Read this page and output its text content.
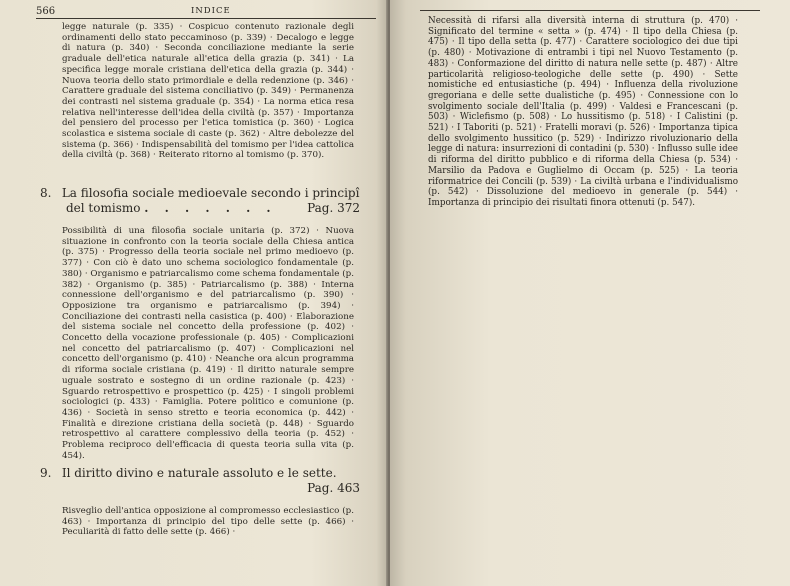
566	INDICE

legge naturale (p. 335) · Cospicuo contenuto razionale degli ordinamenti dello stato peccaminoso (p. 339) · Decalogo e legge di natura (p. 340) · Seconda conciliazione mediante la serie graduale dell'etica naturale all'etica della grazia (p. 341) · La specifica legge morale cristiana dell'etica della grazia (p. 344) · Nuova teoria dello stato primordiale e della redenzione (p. 346) · Carattere graduale del sistema conciliativo (p. 349) · Permanenza dei contrasti nel sistema graduale (p. 354) · La norma etica resa relativa nell'interesse dell'idea della civiltà (p. 357) · Importanza del pensiero del processo per l'etica tomistica (p. 360) · Logica scolastica e sistema sociale di caste (p. 362) · Altre debolezze del sistema (p. 366) · Indispensabilità del tomismo per l'idea cattolica della civiltà (p. 368) · Reiterato ritorno al tomismo (p. 370).

8. La filosofia sociale medioevale secondo i principî
del tomismo . . . . . . .	Pag. 372

Possibilità di una filosofia sociale unitaria (p. 372) · Nuova situazione in confronto con la teoria sociale della Chiesa antica (p. 375) · Progresso della teoria sociale nel primo medioevo (p. 377) · Con ciò è dato uno schema sociologico fondamentale (p. 380) · Organismo e patriarcalismo come schema fondamentale (p. 382) · Organismo (p. 385) · Patriarcalismo (p. 388) · Interna connessione dell'organismo e del patriarcalismo (p. 390) · Opposizione tra organismo e patriarcalismo (p. 394) · Conciliazione dei contrasti nella casistica (p. 400) · Elaborazione del sistema sociale nel concetto della professione (p. 402) · Concetto della vocazione professionale (p. 405) · Complicazioni nel concetto del patriarcalismo (p. 407) · Complicazioni nel concetto dell'organismo (p. 410) · Neanche ora alcun programma di riforma sociale cristiana (p. 419) · Il diritto naturale sempre uguale sostrato e sostegno di un ordine razionale (p. 423) · Sguardo retrospettivo e prospettico (p. 425) · I singoli problemi sociologici (p. 433) · Famiglia. Potere politico e comunione (p. 436) · Società in senso stretto e teoria economica (p. 442) · Finalità e direzione cristiana della società (p. 448) · Sguardo retrospettivo al carattere complessivo della teoria (p. 452) · Problema reciproco dell'efficacia di questa teoria sulla vita (p. 454).

9. Il diritto divino e naturale assoluto e le sette.
Pag. 463

Risveglio dell'antica opposizione al compromesso ecclesiastico (p. 463) · Importanza di principio del tipo delle sette (p. 466) · Peculiarità di fatto delle sette (p. 466) ·

Necessità di rifarsi alla diversità interna di struttura (p. 470) · Significato del termine « setta » (p. 474) · Il tipo della Chiesa (p. 475) · Il tipo della setta (p. 477) · Carattere sociologico dei due tipi (p. 480) · Motivazione di entrambi i tipi nel Nuovo Testamento (p. 483) · Conformazione del diritto di natura nelle sette (p. 487) · Altre particolarità religioso-teologiche delle sette (p. 490) · Sette nomistiche ed entusiastiche (p. 494) · Influenza della rivoluzione gregoriana e delle sette dualistiche (p. 495) · Connessione con lo svolgimento sociale dell'Italia (p. 499) · Valdesi e Francescani (p. 503) · Wiclefismo (p. 508) · Lo hussitismo (p. 518) · I Calistini (p. 521) · I Taboriti (p. 521) · Fratelli moravi (p. 526) · Importanza tipica dello svolgimento hussitico (p. 529) · Indirizzo rivoluzionario della legge di natura: insurrezioni di contadini (p. 530) · Influsso sulle idee di riforma del diritto pubblico e di riforma della Chiesa (p. 534) · Marsilio da Padova e Guglielmo di Occam (p. 525) · La teoria riformatrice dei Concili (p. 539) · La civiltà urbana e l'individualismo (p. 542) · Dissoluzione del medioevo in generale (p. 544) · Importanza di principio dei risultati finora ottenuti (p. 547).
